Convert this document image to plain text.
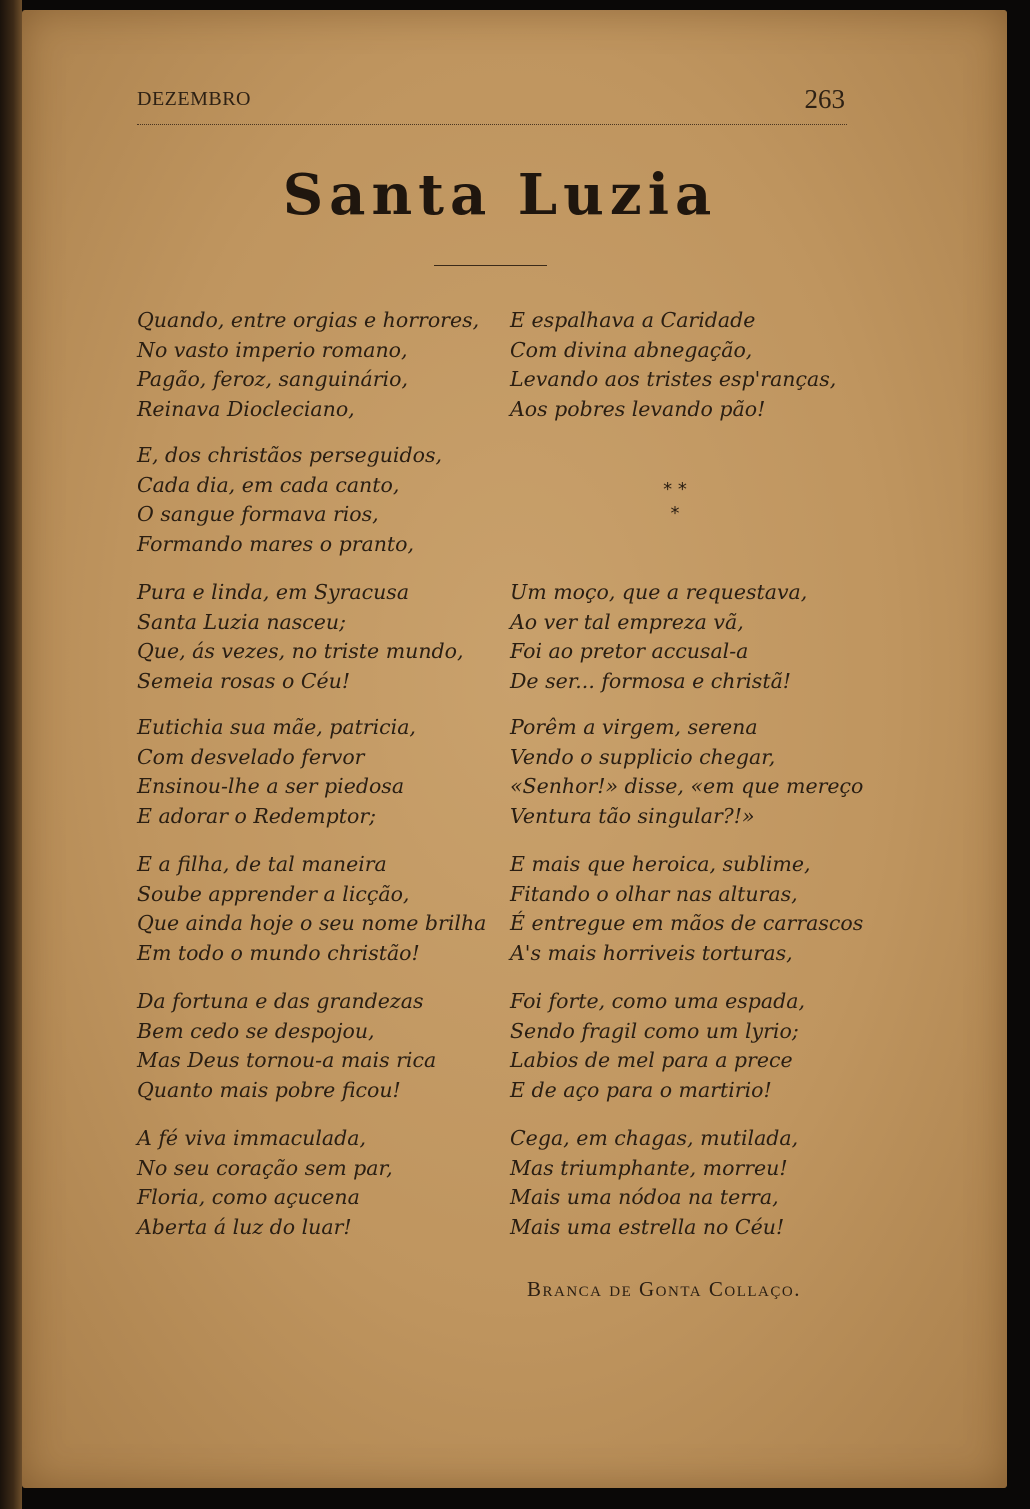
DEZEMBRO	263
Santa Luzia

Quando, entre orgias e horrores,
No vasto imperio romano,
Pagão, feroz, sanguinário,
Reinava Diocleciano,

E, dos christãos perseguidos,
Cada dia, em cada canto,
O sangue formava rios,
Formando mares o pranto,

Pura e linda, em Syracusa
Santa Luzia nasceu;
Que, ás vezes, no triste mundo,
Semeia rosas o Céu!

Eutichia sua mãe, patricia,
Com desvelado fervor
Ensinou-lhe a ser piedosa
E adorar o Redemptor;

E a filha, de tal maneira
Soube apprender a licção,
Que ainda hoje o seu nome brilha
Em todo o mundo christão!

Da fortuna e das grandezas
Bem cedo se despojou,
Mas Deus tornou-a mais rica
Quanto mais pobre ficou!

A fé viva immaculada,
No seu coração sem par,
Floria, como açucena
Aberta á luz do luar!

E espalhava a Caridade
Com divina abnegação,
Levando aos tristes esp'ranças,
Aos pobres levando pão!

* *
*

Um moço, que a requestava,
Ao ver tal empreza vã,
Foi ao pretor accusal-a
De ser... formosa e christã!

Porêm a virgem, serena
Vendo o supplicio chegar,
«Senhor!» disse, «em que mereço
Ventura tão singular?!»

E mais que heroica, sublime,
Fitando o olhar nas alturas,
É entregue em mãos de carrascos
A's mais horriveis torturas,

Foi forte, como uma espada,
Sendo fragil como um lyrio;
Labios de mel para a prece
E de aço para o martirio!

Cega, em chagas, mutilada,
Mas triumphante, morreu!
Mais uma nódoa na terra,
Mais uma estrella no Céu!

Branca de Gonta Collaço.
